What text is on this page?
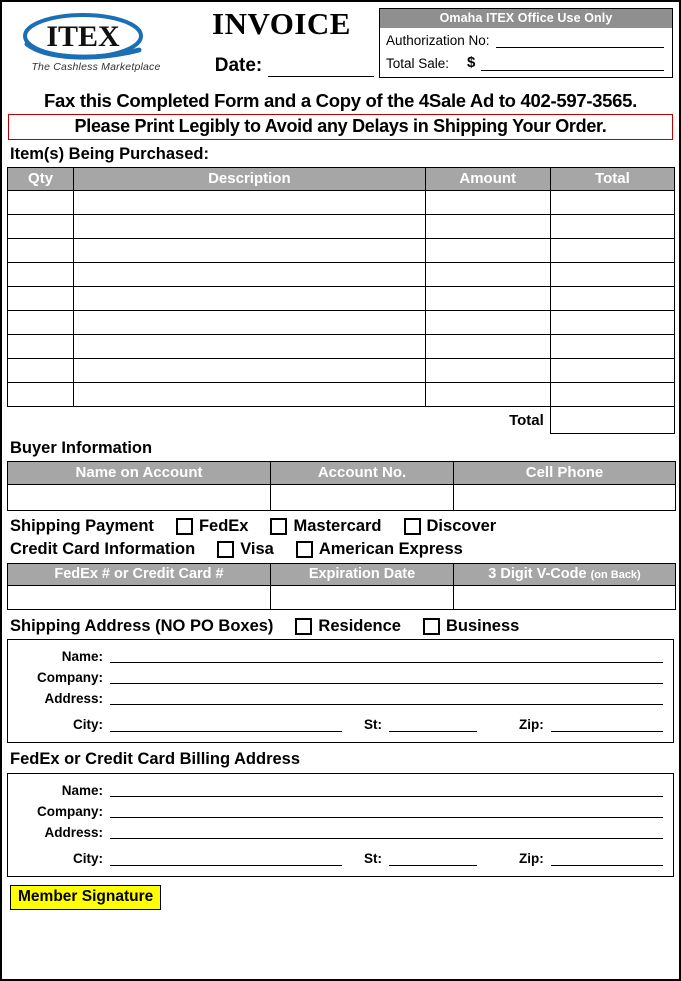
ITEX
The Cashless Marketplace
INVOICE
Date:
Omaha ITEX Office Use Only
Authorization No:
Total Sale: $
Fax this Completed Form and a Copy of the 4Sale Ad to 402-597-3565.
Please Print Legibly to Avoid any Delays in Shipping Your Order.
Item(s) Being Purchased:
Qty	Description	Amount	Total

		Total	
Buyer Information
Name on Account	Account No.	Cell Phone

Shipping Payment	FedEx	Mastercard	Discover
Credit Card Information	Visa	American Express
FedEx # or Credit Card #	Expiration Date	3 Digit V-Code (on Back)

Shipping Address (NO PO Boxes)	Residence	Business
Name:
Company:
Address:
City:	St:	Zip:
FedEx or Credit Card Billing Address
Name:
Company:
Address:
City:	St:	Zip:
Member Signature
